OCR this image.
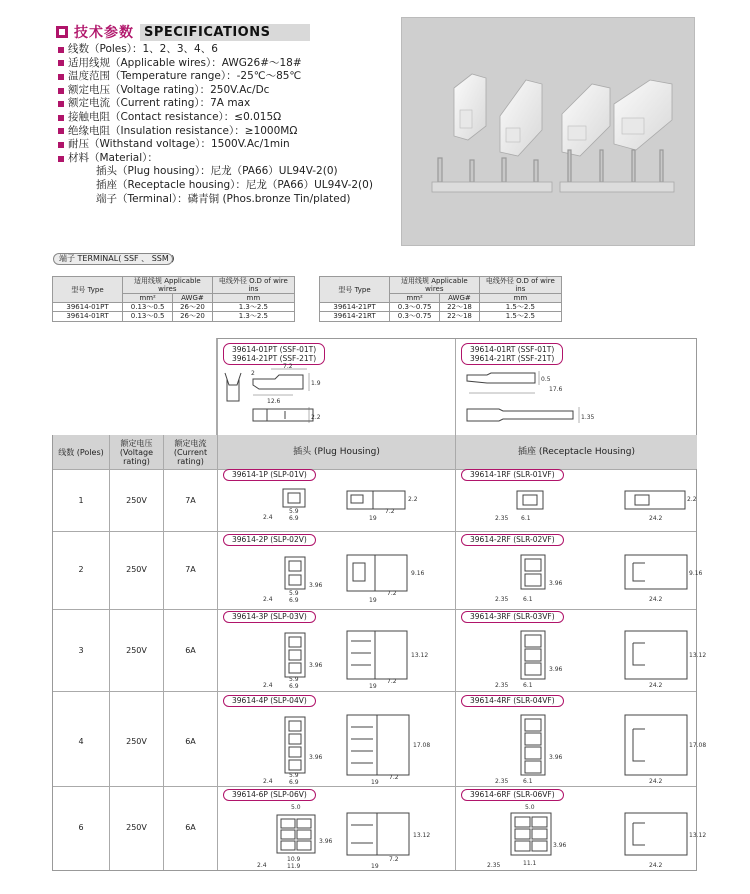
技术参数 SPECIFICATIONS
线数（Poles）：1、2、3、4、6
适用线规（Applicable wires）：AWG26#～18#
温度范围（Temperature range）：-25℃～85℃
额定电压（Voltage rating）：250V.Ac/Dc
额定电流（Current rating）：7A max
接触电阻（Contact resistance）：≤0.015Ω
绝缘电阻（Insulation resistance）：≥1000MΩ
耐压（Withstand voltage）：1500V.Ac/1min
材料（Material）：
插头（Plug housing）：尼龙（PA66）UL94V-2(0)
插座（Receptacle housing）：尼龙（PA66）UL94V-2(0)
端子（Terminal）：磷青铜 (Phos.bronze Tin/plated)
端子 TERMINAL( SSF 、 SSM )
型号 Type	适用线规 Applicable wires		电线外径 O.D of wire ins
	mm²	AWG#	mm
39614-01PT	0.13～0.5	26～20	1.3～2.5
39614-01RT	0.13～0.5	26～20	1.3～2.5
型号 Type	适用线规 Applicable wires		电线外径 O.D of wire ins
	mm²	AWG#	mm
39614-21PT	0.3～0.75	22～18	1.5～2.5
39614-21RT	0.3～0.75	22～18	1.5～2.5
线数 (Poles)
额定电压 (Voltage rating)
额定电流 (Current rating)
插头 (Plug Housing)	插座 (Receptacle Housing)
39614-01PT (SSF-01T)
39614-21PT (SSF-21T)
39614-01RT (SSF-01T)
39614-21RT (SSF-21T)
7.2
2
12.6
1.9
2.2
17.6
0.5
1.35
1	250V	7A
39614-1P (SLP-01V)	39614-1RF (SLR-01VF)
5.9
2.4	6.9	19
7.2
2.2
2.35 6.1	24.2
2.2
2	250V	7A
39614-2P (SLP-02V)	39614-2RF (SLR-02VF)
3.96
5.9
2.4	6.9	19
7.2
9.16
2.35 6.1
3.96
24.2
9.16
3	250V	6A
39614-3P (SLP-03V)	39614-3RF (SLR-03VF)
3.96
5.9
2.4	6.9	19
7.2
13.12
2.35 6.1
3.96
24.2
13.12
4	250V	6A
39614-4P (SLP-04V)	39614-4RF (SLR-04VF)
3.96
5.9
2.4	6.9	19
7.2
17.08
2.35 6.1
3.96
24.2
17.08
6	250V	6A
39614-6P (SLP-06V)	39614-6RF (SLR-06VF)
5.0
3.96
10.9
2.4	11.9	19
7.2
13.12
5.0
2.35	11.1
3.96
24.2
13.12
